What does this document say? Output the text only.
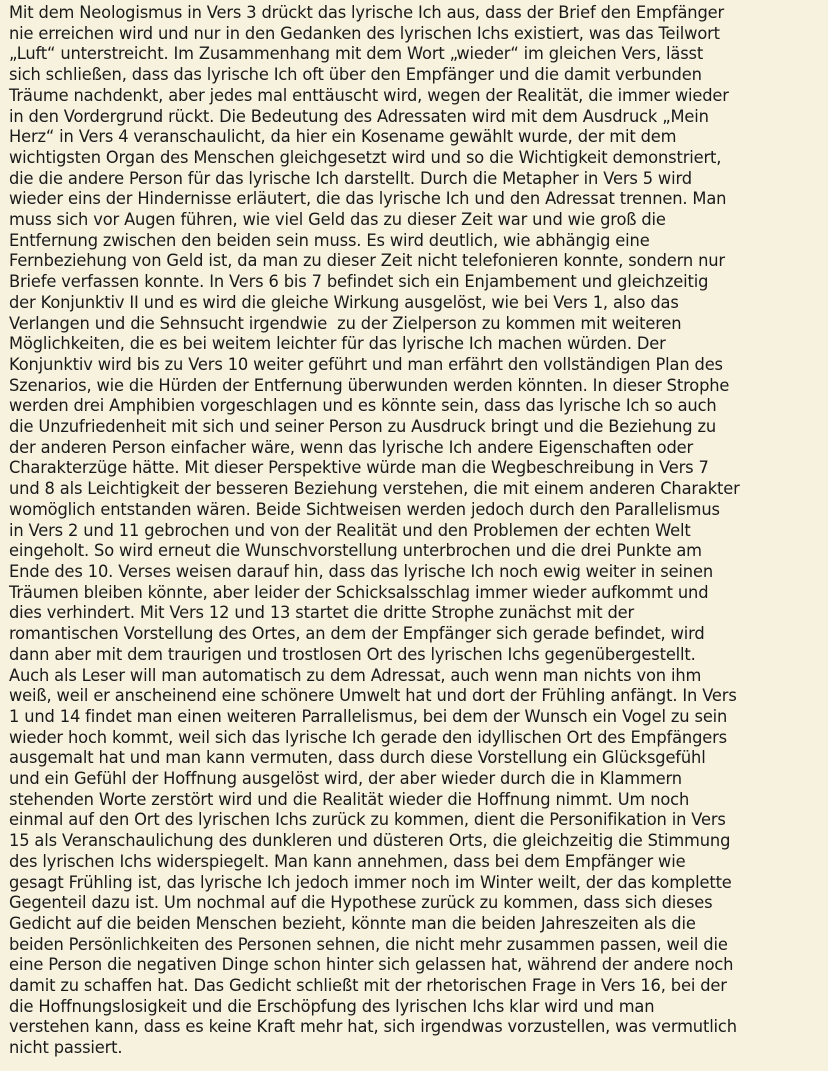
Mit dem Neologismus in Vers 3 drückt das lyrische Ich aus, dass der Brief den Empfänger
nie erreichen wird und nur in den Gedanken des lyrischen Ichs existiert, was das Teilwort
„Luft“ unterstreicht. Im Zusammenhang mit dem Wort „wieder“ im gleichen Vers, lässt
sich schließen, dass das lyrische Ich oft über den Empfänger und die damit verbunden
Träume nachdenkt, aber jedes mal enttäuscht wird, wegen der Realität, die immer wieder
in den Vordergrund rückt. Die Bedeutung des Adressaten wird mit dem Ausdruck „Mein
Herz“ in Vers 4 veranschaulicht, da hier ein Kosename gewählt wurde, der mit dem
wichtigsten Organ des Menschen gleichgesetzt wird und so die Wichtigkeit demonstriert,
die die andere Person für das lyrische Ich darstellt. Durch die Metapher in Vers 5 wird
wieder eins der Hindernisse erläutert, die das lyrische Ich und den Adressat trennen. Man
muss sich vor Augen führen, wie viel Geld das zu dieser Zeit war und wie groß die
Entfernung zwischen den beiden sein muss. Es wird deutlich, wie abhängig eine
Fernbeziehung von Geld ist, da man zu dieser Zeit nicht telefonieren konnte, sondern nur
Briefe verfassen konnte. In Vers 6 bis 7 befindet sich ein Enjambement und gleichzeitig
der Konjunktiv II und es wird die gleiche Wirkung ausgelöst, wie bei Vers 1, also das
Verlangen und die Sehnsucht irgendwie  zu der Zielperson zu kommen mit weiteren
Möglichkeiten, die es bei weitem leichter für das lyrische Ich machen würden. Der
Konjunktiv wird bis zu Vers 10 weiter geführt und man erfährt den vollständigen Plan des
Szenarios, wie die Hürden der Entfernung überwunden werden könnten. In dieser Strophe
werden drei Amphibien vorgeschlagen und es könnte sein, dass das lyrische Ich so auch
die Unzufriedenheit mit sich und seiner Person zu Ausdruck bringt und die Beziehung zu
der anderen Person einfacher wäre, wenn das lyrische Ich andere Eigenschaften oder
Charakterzüge hätte. Mit dieser Perspektive würde man die Wegbeschreibung in Vers 7
und 8 als Leichtigkeit der besseren Beziehung verstehen, die mit einem anderen Charakter
womöglich entstanden wären. Beide Sichtweisen werden jedoch durch den Parallelismus
in Vers 2 und 11 gebrochen und von der Realität und den Problemen der echten Welt
eingeholt. So wird erneut die Wunschvorstellung unterbrochen und die drei Punkte am
Ende des 10. Verses weisen darauf hin, dass das lyrische Ich noch ewig weiter in seinen
Träumen bleiben könnte, aber leider der Schicksalsschlag immer wieder aufkommt und
dies verhindert. Mit Vers 12 und 13 startet die dritte Strophe zunächst mit der
romantischen Vorstellung des Ortes, an dem der Empfänger sich gerade befindet, wird
dann aber mit dem traurigen und trostlosen Ort des lyrischen Ichs gegenübergestellt.
Auch als Leser will man automatisch zu dem Adressat, auch wenn man nichts von ihm
weiß, weil er anscheinend eine schönere Umwelt hat und dort der Frühling anfängt. In Vers
1 und 14 findet man einen weiteren Parrallelismus, bei dem der Wunsch ein Vogel zu sein
wieder hoch kommt, weil sich das lyrische Ich gerade den idyllischen Ort des Empfängers
ausgemalt hat und man kann vermuten, dass durch diese Vorstellung ein Glücksgefühl
und ein Gefühl der Hoffnung ausgelöst wird, der aber wieder durch die in Klammern
stehenden Worte zerstört wird und die Realität wieder die Hoffnung nimmt. Um noch
einmal auf den Ort des lyrischen Ichs zurück zu kommen, dient die Personifikation in Vers
15 als Veranschaulichung des dunkleren und düsteren Orts, die gleichzeitig die Stimmung
des lyrischen Ichs widerspiegelt. Man kann annehmen, dass bei dem Empfänger wie
gesagt Frühling ist, das lyrische Ich jedoch immer noch im Winter weilt, der das komplette
Gegenteil dazu ist. Um nochmal auf die Hypothese zurück zu kommen, dass sich dieses
Gedicht auf die beiden Menschen bezieht, könnte man die beiden Jahreszeiten als die
beiden Persönlichkeiten des Personen sehnen, die nicht mehr zusammen passen, weil die
eine Person die negativen Dinge schon hinter sich gelassen hat, während der andere noch
damit zu schaffen hat. Das Gedicht schließt mit der rhetorischen Frage in Vers 16, bei der
die Hoffnungslosigkeit und die Erschöpfung des lyrischen Ichs klar wird und man
verstehen kann, dass es keine Kraft mehr hat, sich irgendwas vorzustellen, was vermutlich
nicht passiert.
